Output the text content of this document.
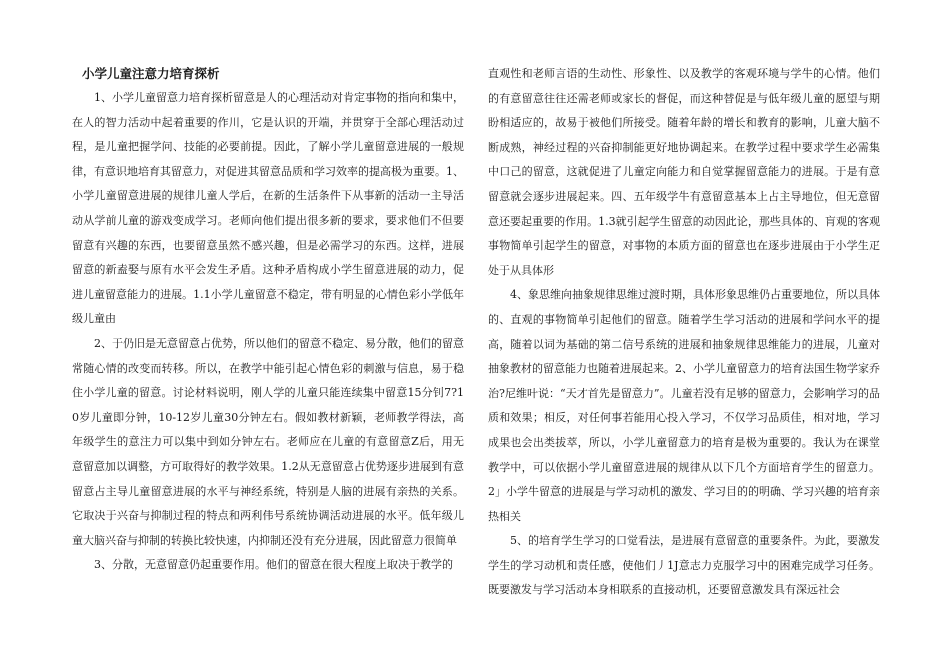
小学儿童注意力培育探析

1、小学儿童留意力培育探析留意是人的心理活动对肯定事物的指向和集中，在人的智力活动中起着重要的作川，它是认识的开端，并贯穿于全部心理活动过程，是儿童把握学问、技能的必要前提。因此，了解小学儿童留意进展的一般规律，有意识地培育其留意力，对促进其留意品质和学习效率的提高极为重要。1、小学儿童留意进展的规律儿童人学后，在新的生活条件下从事新的活动一主导活动从学前儿童的游戏变成学习。老师向他们提出很多新的要求，要求他们不但要留意有兴趣的东西，也要留意虽然不感兴趣，但是必需学习的东西。这样，进展留意的新盍娶与原有水平会发生矛盾。这种矛盾构成小学生留意进展的动力，促进儿童留意能力的进展。1.1小学儿童留意不稳定，带有明显的心情色彩小学低年级儿童由

2、于仍旧是无意留意占优势，所以他们的留意不稳定、易分散，他们的留意常随心情的改变而转移。所以，在教学中能引起心情色彩的刺激与信息，易于稳住小学儿童的留意。讨论材料说明，刚人学的儿童只能连续集中留意15分钊7?10岁儿童即分钟，10-12岁儿童30分钟左右。假如教材新颖，老师教学得法，高年级学生的意注力可以集中到如分钟左右。老师应在儿童的有意留意Z后，用无意留意加以调整，方可取得好的教学效果。1.2从无意留意占优势逐步进展到有意留意占主导儿童留意进展的水平与神经系统，特别是人脑的进展有亲热的关系。它取决于兴奋与抑制过程的特点和两利伟号系统协调活动进展的水平。低年级儿童大脑兴奋与抑制的转换比较快速，内抑制还没有充分进展，因此留意力很简单

3、分散，无意留意仍起重要作用。他们的留意在很大程度上取决于教学的

直观性和老师言语的生动性、形象性、以及教学的客观环境与学牛的心情。他们的有意留意往往还需老师或家长的督促，而这种替促是与低年级儿童的愿望与期盼相适应的，故易于被他们所接受。随着年龄的增长和教育的影响，儿童大脑不断成熟，神经过程的兴奋抑制能更好地协调起来。在教学过程中要求学生必需集中口己的留意，这就促进了儿童定向能力和自觉掌握留意能力的进展。于是有意留意就会逐步进展起来。四、五年级学牛有意留意基本上占主导地位，但无意留意还要起重要的作用。1.3就引起学生留意的动因此论，那些具体的、肓观的客观事物简单引起学生的留意，对事物的本质方面的留意也在逐步进展由于小学生疋处于从具体形

4、象思维向抽象规律思维过渡时期，具体形象思维仍占重要地位，所以具体的、直观的事物简单引起他们的留意。随着学生学习活动的进展和学问水平的提高，随着以词为基础的第二信号系统的进展和抽象规律思维能力的进展，儿童对抽象教材的留意能力也随着进展起来。2、小学儿童留意力的培育法国生物学家乔治?尼维叶说：“天才首先是留意力”。儿童若没有足够的留意力，会影响学习的品质和效果；相反，对任何事若能用心投入学习，不仅学习品质佳，相对地，学习成果也会出类拔萃，所以，小学儿童留意力的培育是极为重要的。我认为在课堂教学中，可以依据小学儿童留意进展的规律从以下几个方面培育学生的留意力。2」小学牛留意的进展是与学习动机的激发、学习目的的明确、学习兴趣的培育亲热相关

5、的培育学生学习的口觉看法，是进展有意留意的重要条件。为此，要激发学生的学习动机和责任感，使他们丿1J意志力克服学习中的困难完成学习任务。既要激发与学习活动本身相联系的直接动机，还要留意激发具有深远社会
